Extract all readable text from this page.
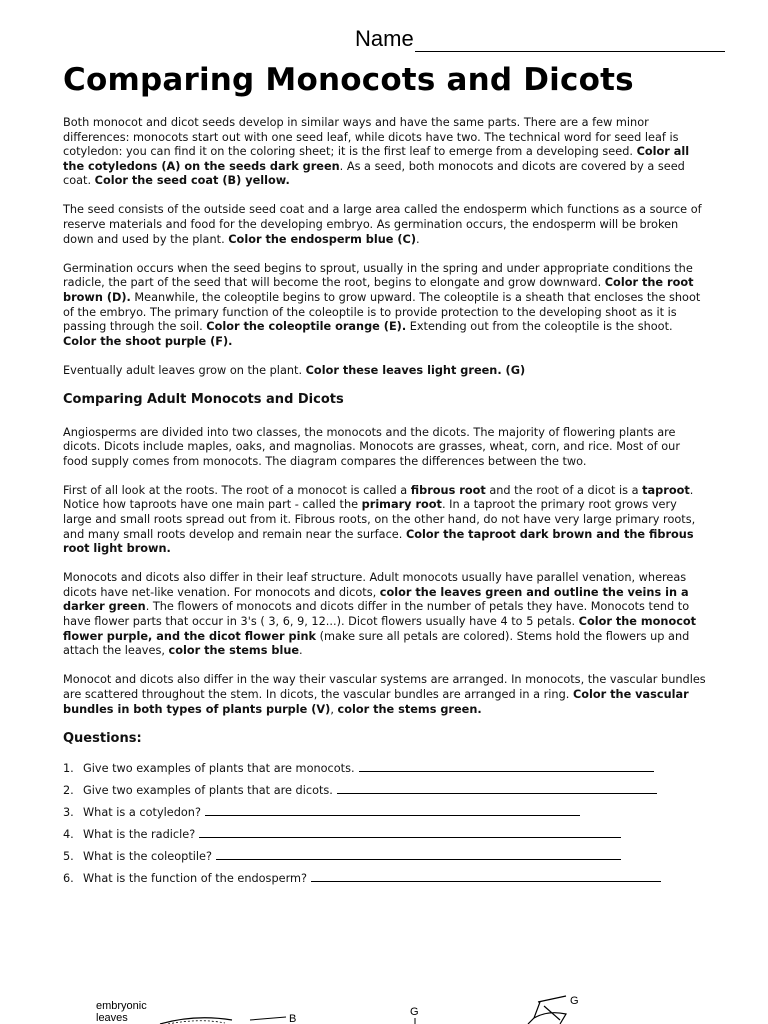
Name
Comparing Monocots and Dicots

Both monocot and dicot seeds develop in similar ways and have the same parts. There are a few minor differences: monocots start out with one seed leaf, while dicots have two. The technical word for seed leaf is cotyledon: you can find it on the coloring sheet; it is the first leaf to emerge from a developing seed. Color all the cotyledons (A) on the seeds dark green. As a seed, both monocots and dicots are covered by a seed coat. Color the seed coat (B) yellow.

The seed consists of the outside seed coat and a large area called the endosperm which functions as a source of reserve materials and food for the developing embryo. As germination occurs, the endosperm will be broken down and used by the plant. Color the endosperm blue (C).

Germination occurs when the seed begins to sprout, usually in the spring and under appropriate conditions the radicle, the part of the seed that will become the root, begins to elongate and grow downward. Color the root brown (D). Meanwhile, the coleoptile begins to grow upward. The coleoptile is a sheath that encloses the shoot of the embryo. The primary function of the coleoptile is to provide protection to the developing shoot as it is passing through the soil. Color the coleoptile orange (E). Extending out from the coleoptile is the shoot. Color the shoot purple (F).

Eventually adult leaves grow on the plant. Color these leaves light green. (G)

Comparing Adult Monocots and Dicots

Angiosperms are divided into two classes, the monocots and the dicots. The majority of flowering plants are dicots. Dicots include maples, oaks, and magnolias. Monocots are grasses, wheat, corn, and rice. Most of our food supply comes from monocots. The diagram compares the differences between the two.

First of all look at the roots. The root of a monocot is called a fibrous root and the root of a dicot is a taproot. Notice how taproots have one main part - called the primary root. In a taproot the primary root grows very large and small roots spread out from it. Fibrous roots, on the other hand, do not have very large primary roots, and many small roots develop and remain near the surface. Color the taproot dark brown and the fibrous root light brown.

Monocots and dicots also differ in their leaf structure. Adult monocots usually have parallel venation, whereas dicots have net-like venation. For monocots and dicots, color the leaves green and outline the veins in a darker green. The flowers of monocots and dicots differ in the number of petals they have. Monocots tend to have flower parts that occur in 3's ( 3, 6, 9, 12...). Dicot flowers usually have 4 to 5 petals. Color the monocot flower purple, and the dicot flower pink (make sure all petals are colored). Stems hold the flowers up and attach the leaves, color the stems blue.

Monocot and dicots also differ in the way their vascular systems are arranged. In monocots, the vascular bundles are scattered throughout the stem. In dicots, the vascular bundles are arranged in a ring. Color the vascular bundles in both types of plants purple (V), color the stems green.

Questions:
1. Give two examples of plants that are monocots.
2. Give two examples of plants that are dicots.
3. What is a cotyledon?
4. What is the radicle?
5. What is the coleoptile?
6. What is the function of the endosperm?
embryonic
leaves	B
G
G
